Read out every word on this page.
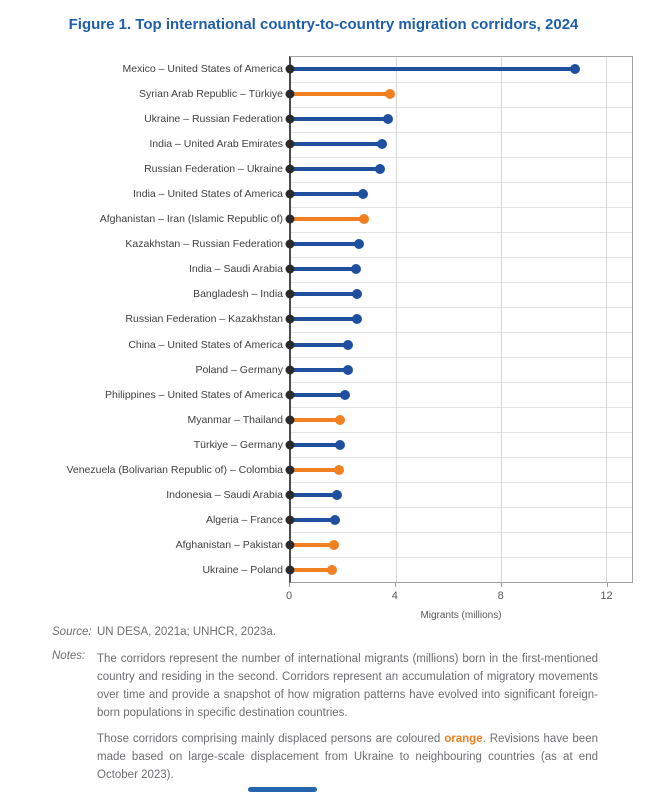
Figure 1. Top international country-to-country migration corridors, 2024
Mexico – United States of America
Syrian Arab Republic – Türkiye
Ukraine – Russian Federation
India – United Arab Emirates
Russian Federation – Ukraine
India – United States of America
Afghanistan – Iran (Islamic Republic of)
Kazakhstan – Russian Federation
India – Saudi Arabia
Bangladesh – India
Russian Federation – Kazakhstan
China – United States of America
Poland – Germany
Philippines – United States of America
Myanmar – Thailand
Türkiye – Germany
Venezuela (Bolivarian Republic of) – Colombia
Indonesia – Saudi Arabia
Algeria – France
Afghanistan – Pakistan
Ukraine – Poland
0	4	8	12
Migrants (millions)
Source: UN DESA, 2021a; UNHCR, 2023a.
Notes: The corridors represent the number of international migrants (millions) born in the first-mentioned country and residing in the second. Corridors represent an accumulation of migratory movements over time and provide a snapshot of how migration patterns have evolved into significant foreign-born populations in specific destination countries.

Those corridors comprising mainly displaced persons are coloured orange. Revisions have been made based on large-scale displacement from Ukraine to neighbouring countries (as at end October 2023).
